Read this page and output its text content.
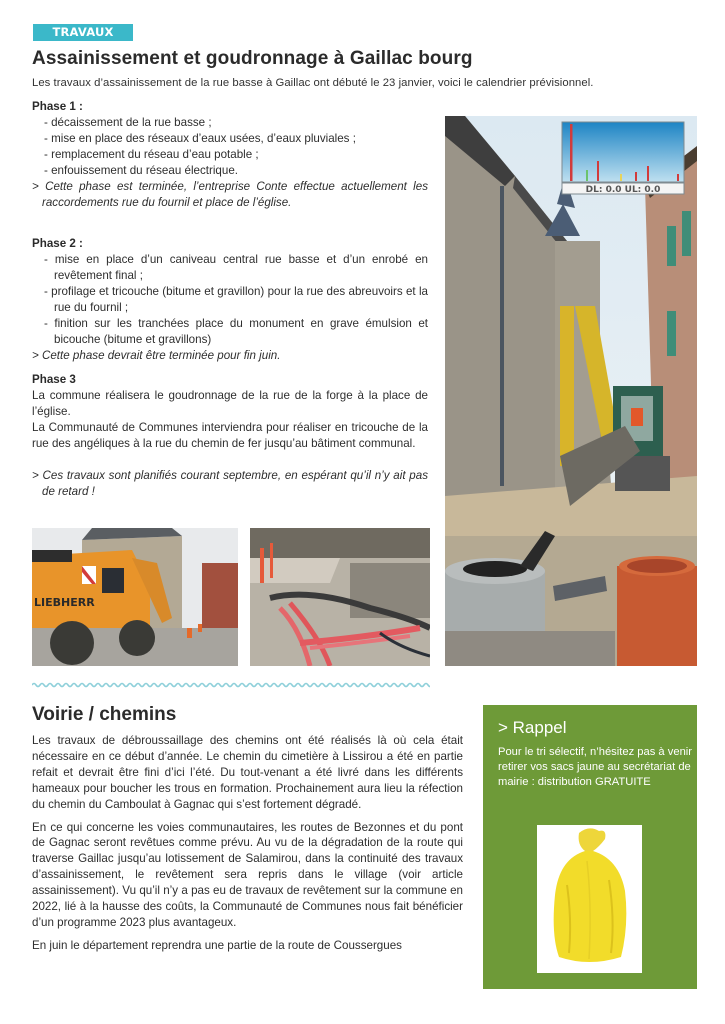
TRAVAUX
Assainissement et goudronnage à Gaillac bourg

Les travaux d’assainissement de la rue basse à Gaillac ont débuté le 23 janvier, voici le calendrier prévisionnel.

Phase 1 :
- décaissement de la rue basse ;
- mise en place des réseaux d’eaux usées, d’eaux pluviales ;
- remplacement du réseau d’eau potable ;
- enfouissement du réseau électrique.
> Cette phase est terminée, l’entreprise Conte effectue actuellement les raccordements rue du fournil et place de l’église.
Phase 2 :
- mise en place d’un caniveau central rue basse et d’un enrobé en revêtement final ;
- profilage et tricouche (bitume et gravillon) pour la rue des abreuvoirs et la rue du fournil ;
- finition sur les tranchées place du monument en grave émulsion et bicouche (bitume et gravillons)
> Cette phase devrait être terminée pour fin juin.
Phase 3

La commune réalisera le goudronnage de la rue de la forge à la place de l’église.

La Communauté de Communes interviendra pour réaliser en tricouche de la rue des angéliques à la rue du chemin de fer jusqu’au bâtiment communal.

> Ces travaux sont planifiés courant septembre, en espérant qu’il n’y ait pas de retard !
DL: 0.0 UL: 0.0
LIEBHERR
Voirie / chemins

Les travaux de débroussaillage des chemins ont été réalisés là où cela était nécessaire en ce début d’année. Le chemin du cimetière à Lissirou a été en partie refait et devrait être fini d’ici l’été. Du tout-venant a été livré dans les différents hameaux pour boucher les trous en formation. Prochainement aura lieu la réfection du chemin du Camboulat à Gagnac qui s’est fortement dégradé.

En ce qui concerne les voies communautaires, les routes de Bezonnes et du pont de Gagnac seront revêtues comme prévu. Au vu de la dégradation de la route qui traverse Gaillac jusqu’au lotissement de Salamirou, dans la continuité des travaux d’assainissement, le revêtement sera repris dans le village (voir article assainissement). Vu qu’il n’y a pas eu de travaux de revêtement sur la commune en 2022, lié à la hausse des coûts, la Communauté de Communes nous fait bénéficier d’un programme 2023 plus avantageux.

En juin le département reprendra une partie de la route de Coussergues

> Rappel
Pour le tri sélectif, n’hésitez pas à venir retirer vos sacs jaune au secrétariat de mairie : distribution GRATUITE
